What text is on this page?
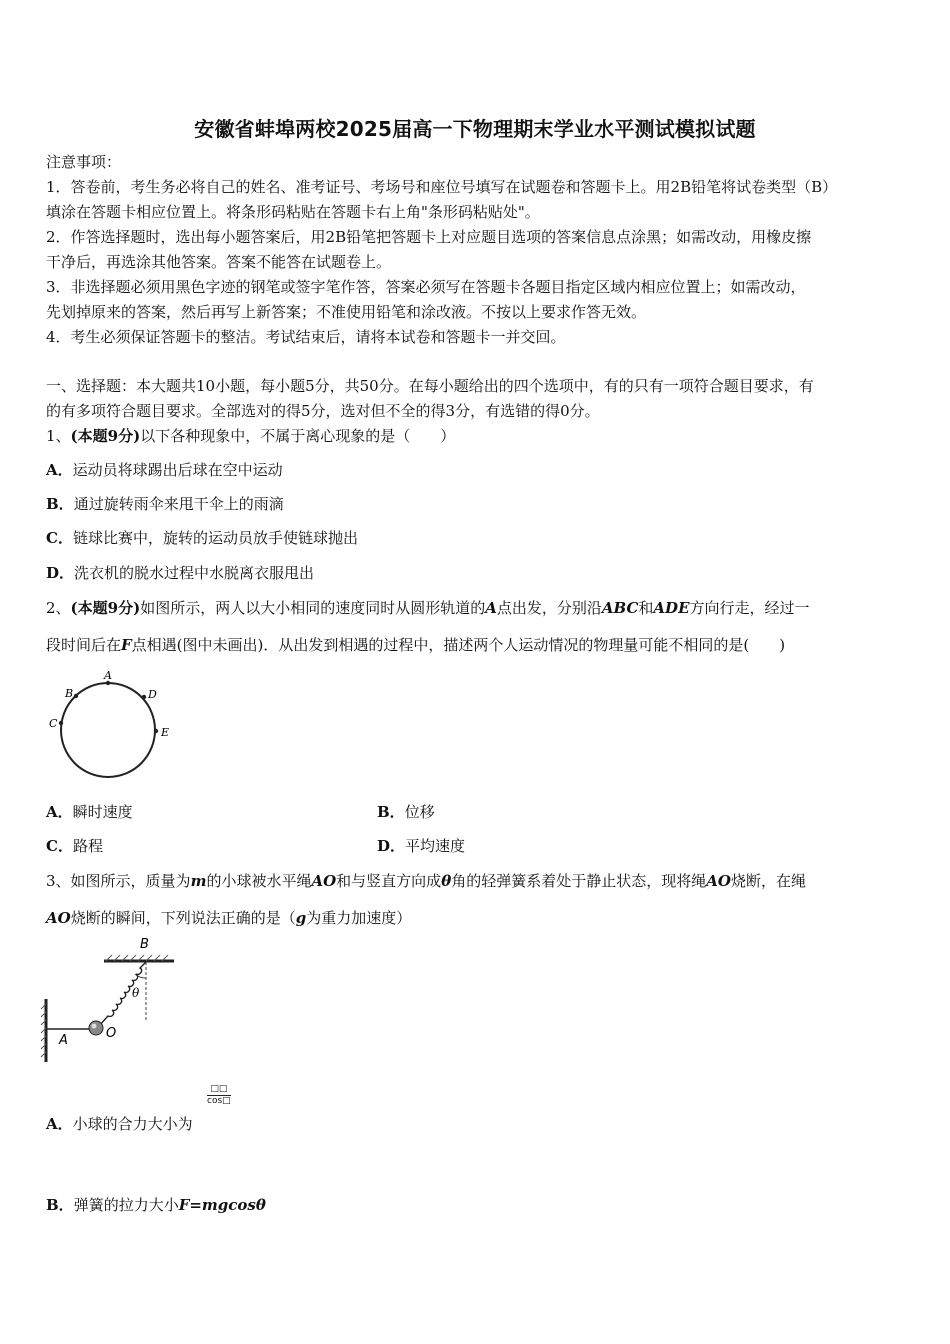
安徽省蚌埠两校2025届高一下物理期末学业水平测试模拟试题
注意事项：
1．答卷前，考生务必将自己的姓名、准考证号、考场号和座位号填写在试题卷和答题卡上。用2B铅笔将试卷类型（B）
填涂在答题卡相应位置上。将条形码粘贴在答题卡右上角"条形码粘贴处"。
2．作答选择题时，选出每小题答案后，用2B铅笔把答题卡上对应题目选项的答案信息点涂黑；如需改动，用橡皮擦
干净后，再选涂其他答案。答案不能答在试题卷上。
3．非选择题必须用黑色字迹的钢笔或签字笔作答，答案必须写在答题卡各题目指定区域内相应位置上；如需改动，
先划掉原来的答案，然后再写上新答案；不准使用铅笔和涂改液。不按以上要求作答无效。
4．考生必须保证答题卡的整洁。考试结束后，请将本试卷和答题卡一并交回。
一、选择题：本大题共10小题，每小题5分，共50分。在每小题给出的四个选项中，有的只有一项符合题目要求，有
的有多项符合题目要求。全部选对的得5分，选对但不全的得3分，有选错的得0分。
1、(本题9分)以下各种现象中，不属于离心现象的是（　　）
A．运动员将球踢出后球在空中运动
B．通过旋转雨伞来甩干伞上的雨滴
C．链球比赛中，旋转的运动员放手使链球抛出
D．洗衣机的脱水过程中水脱离衣服甩出
2、(本题9分)如图所示，两人以大小相同的速度同时从圆形轨道的A点出发，分别沿ABC和ADE方向行走，经过一
段时间后在F点相遇(图中未画出)．从出发到相遇的过程中，描述两个人运动情况的物理量可能不相同的是(　　)
A
B
C
D
E
A．瞬时速度	B．位移
C．路程	D．平均速度
3、如图所示，质量为m的小球被水平绳AO和与竖直方向成θ角的轻弹簧系着处于静止状态，现将绳AO烧断，在绳
AO烧断的瞬间，下列说法正确的是（g为重力加速度）
B
θ
O
A
□□
cos□
A．小球的合力大小为
B．弹簧的拉力大小F=mgcosθ
